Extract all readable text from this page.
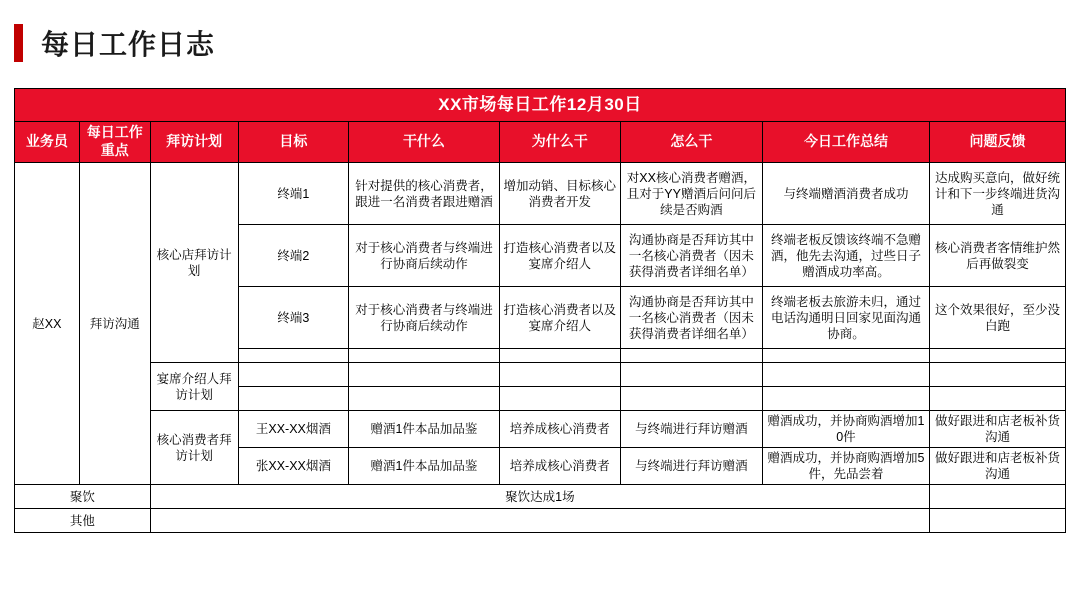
每日工作日志
XX市场每日工作12月30日								
业务员	每日工作重点	拜访计划	目标	干什么	为什么干	怎么干	今日工作总结	问题反馈
赵XX	拜访沟通	核心店拜访计划	终端1	针对提供的核心消费者，跟进一名消费者跟进赠酒	增加动销、目标核心消费者开发	对XX核心消费者赠酒，且对于YY赠酒后问问后续是否购酒	与终端赠酒消费者成功	达成购买意向，做好统计和下一步终端进货沟通
			终端2	对于核心消费者与终端进行协商后续动作	打造核心消费者以及宴席介绍人	沟通协商是否拜访其中一名核心消费者（因未获得消费者详细名单）	终端老板反馈该终端不急赠酒，他先去沟通，过些日子赠酒成功率高。	核心消费者客情维护然后再做裂变
			终端3	对于核心消费者与终端进行协商后续动作	打造核心消费者以及宴席介绍人	沟通协商是否拜访其中一名核心消费者（因未获得消费者详细名单）	终端老板去旅游未归，通过电话沟通明日回家见面沟通协商。	这个效果很好，至少没白跑

		宴席介绍人拜访计划						

		核心消费者拜访计划	王XX-XX烟酒	赠酒1件本品加品鉴	培养成核心消费者	与终端进行拜访赠酒	赠酒成功，并协商购酒增加10件	做好跟进和店老板补货沟通
			张XX-XX烟酒	赠酒1件本品加品鉴	培养成核心消费者	与终端进行拜访赠酒	赠酒成功，并协商购酒增加5件，先品尝着	做好跟进和店老板补货沟通
聚饮		聚饮达成1场						
其他								
